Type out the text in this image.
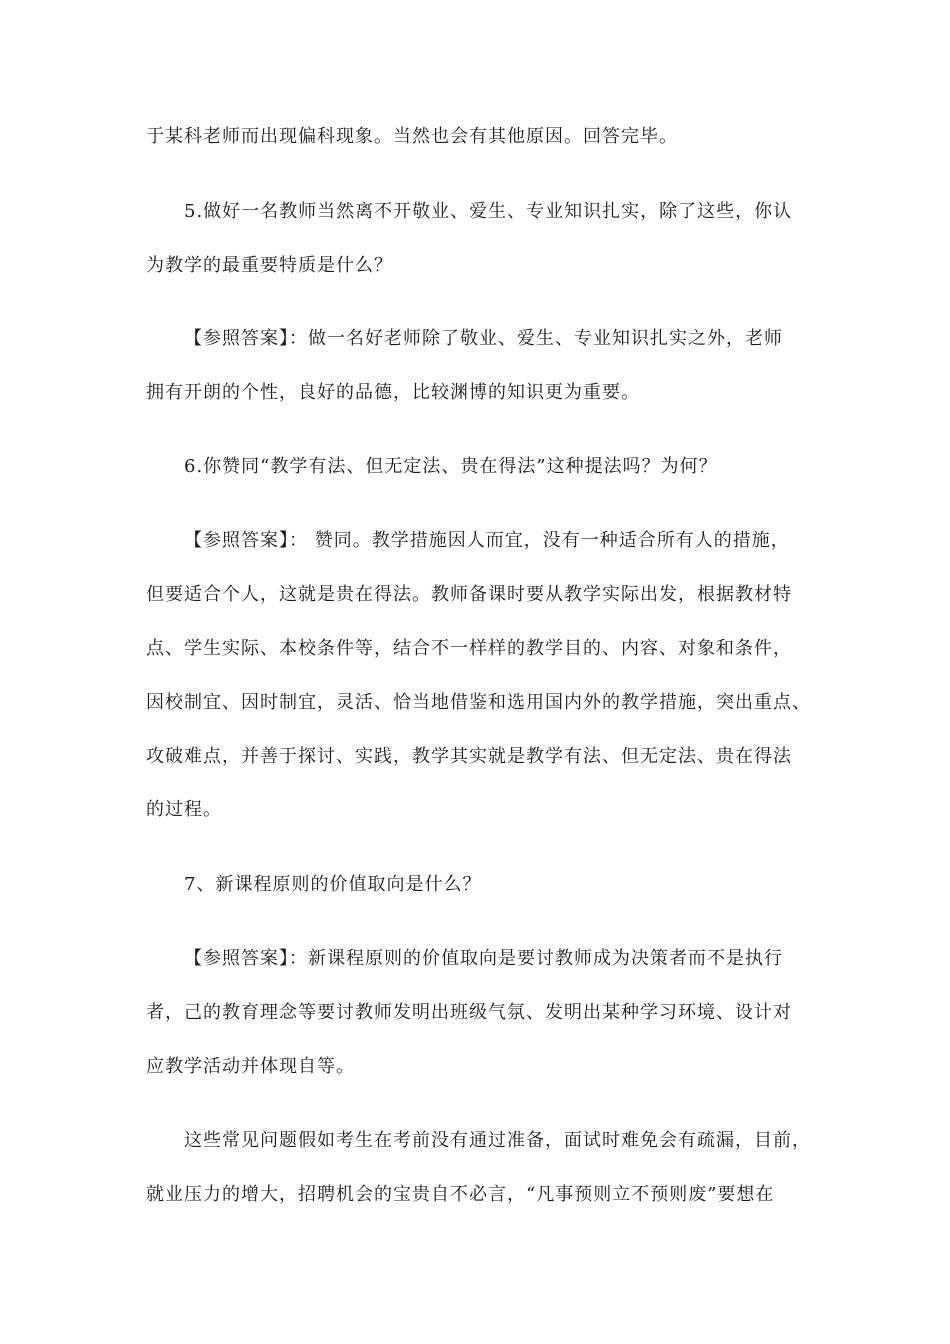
于某科老师而出现偏科现象。当然也会有其他原因。回答完毕。
5.做好一名教师当然离不开敬业、爱生、专业知识扎实，除了这些，你认
为教学的最重要特质是什么？
【参照答案】：做一名好老师除了敬业、爱生、专业知识扎实之外，老师
拥有开朗的个性，良好的品德，比较渊博的知识更为重要。
6.你赞同“教学有法、但无定法、贵在得法”这种提法吗？为何？
【参照答案】： 赞同。教学措施因人而宜，没有一种适合所有人的措施，
但要适合个人，这就是贵在得法。教师备课时要从教学实际出发，根据教材特
点、学生实际、本校条件等，结合不一样样的教学目的、内容、对象和条件，
因校制宜、因时制宜，灵活、恰当地借鉴和选用国内外的教学措施，突出重点、
攻破难点，并善于探讨、实践，教学其实就是教学有法、但无定法、贵在得法
的过程。
7、新课程原则的价值取向是什么？
【参照答案】：新课程原则的价值取向是要讨教师成为决策者而不是执行
者，己的教育理念等要讨教师发明出班级气氛、发明出某种学习环境、设计对
应教学活动并体现自等。
这些常见问题假如考生在考前没有通过准备，面试时难免会有疏漏，目前，
就业压力的增大，招聘机会的宝贵自不必言，“凡事预则立不预则废”要想在
